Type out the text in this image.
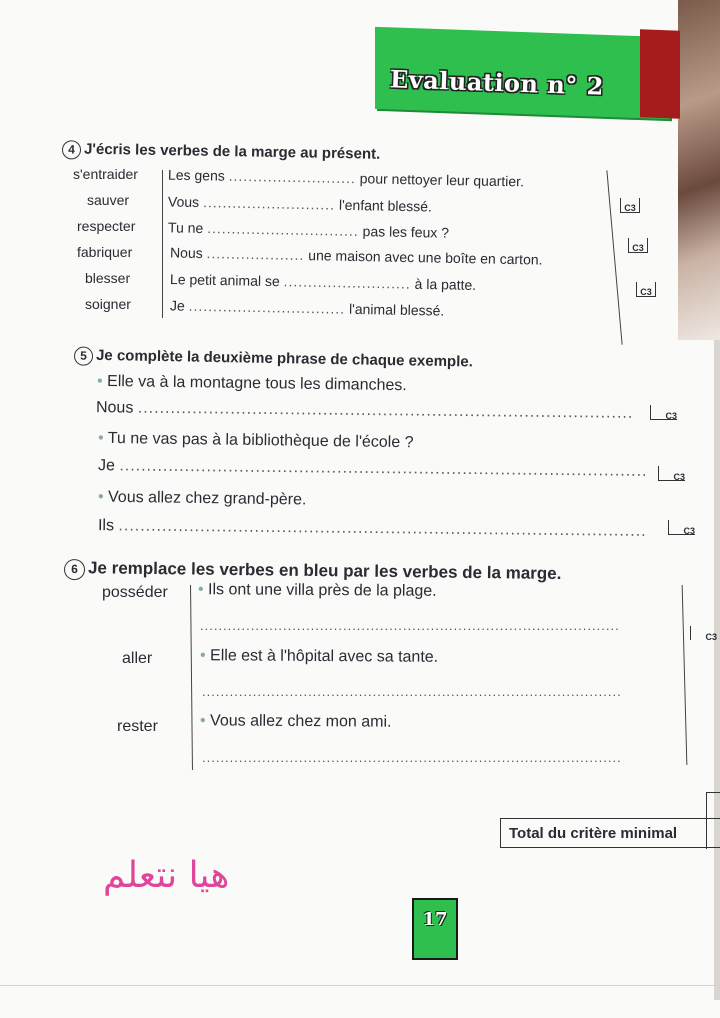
Evaluation n° 2
4 J'écris les verbes de la marge au présent.
s'entraider Les gens .......................... pour nettoyer leur quartier.
sauver	Vous ........................... l'enfant blessé.
respecter Tu ne ............................... pas les feux ?
fabriquer	Nous .................... une maison avec une boîte en carton.
blesser	Le petit animal se .......................... à la patte.
soigner	Je ................................ l'animal blessé.
C3
C3
C3
5 Je complète la deuxième phrase de chaque exemple.
• Elle va à la montagne tous les dimanches.
Nous ...........................................................................................
• Tu ne vas pas à la bibliothèque de l'école ?
Je .................................................................................................
• Vous allez chez grand-père.
Ils .................................................................................................
C3
C3
C3
6 Je remplace les verbes en bleu par les verbes de la marge.
posséder • Ils ont une villa près de la plage.
...........................................................................................
aller	• Elle est à l'hôpital avec sa tante.
...........................................................................................
rester	• Vous allez chez mon ami.
...........................................................................................
C3
Total du critère minimal
هيا نتعلم
17
